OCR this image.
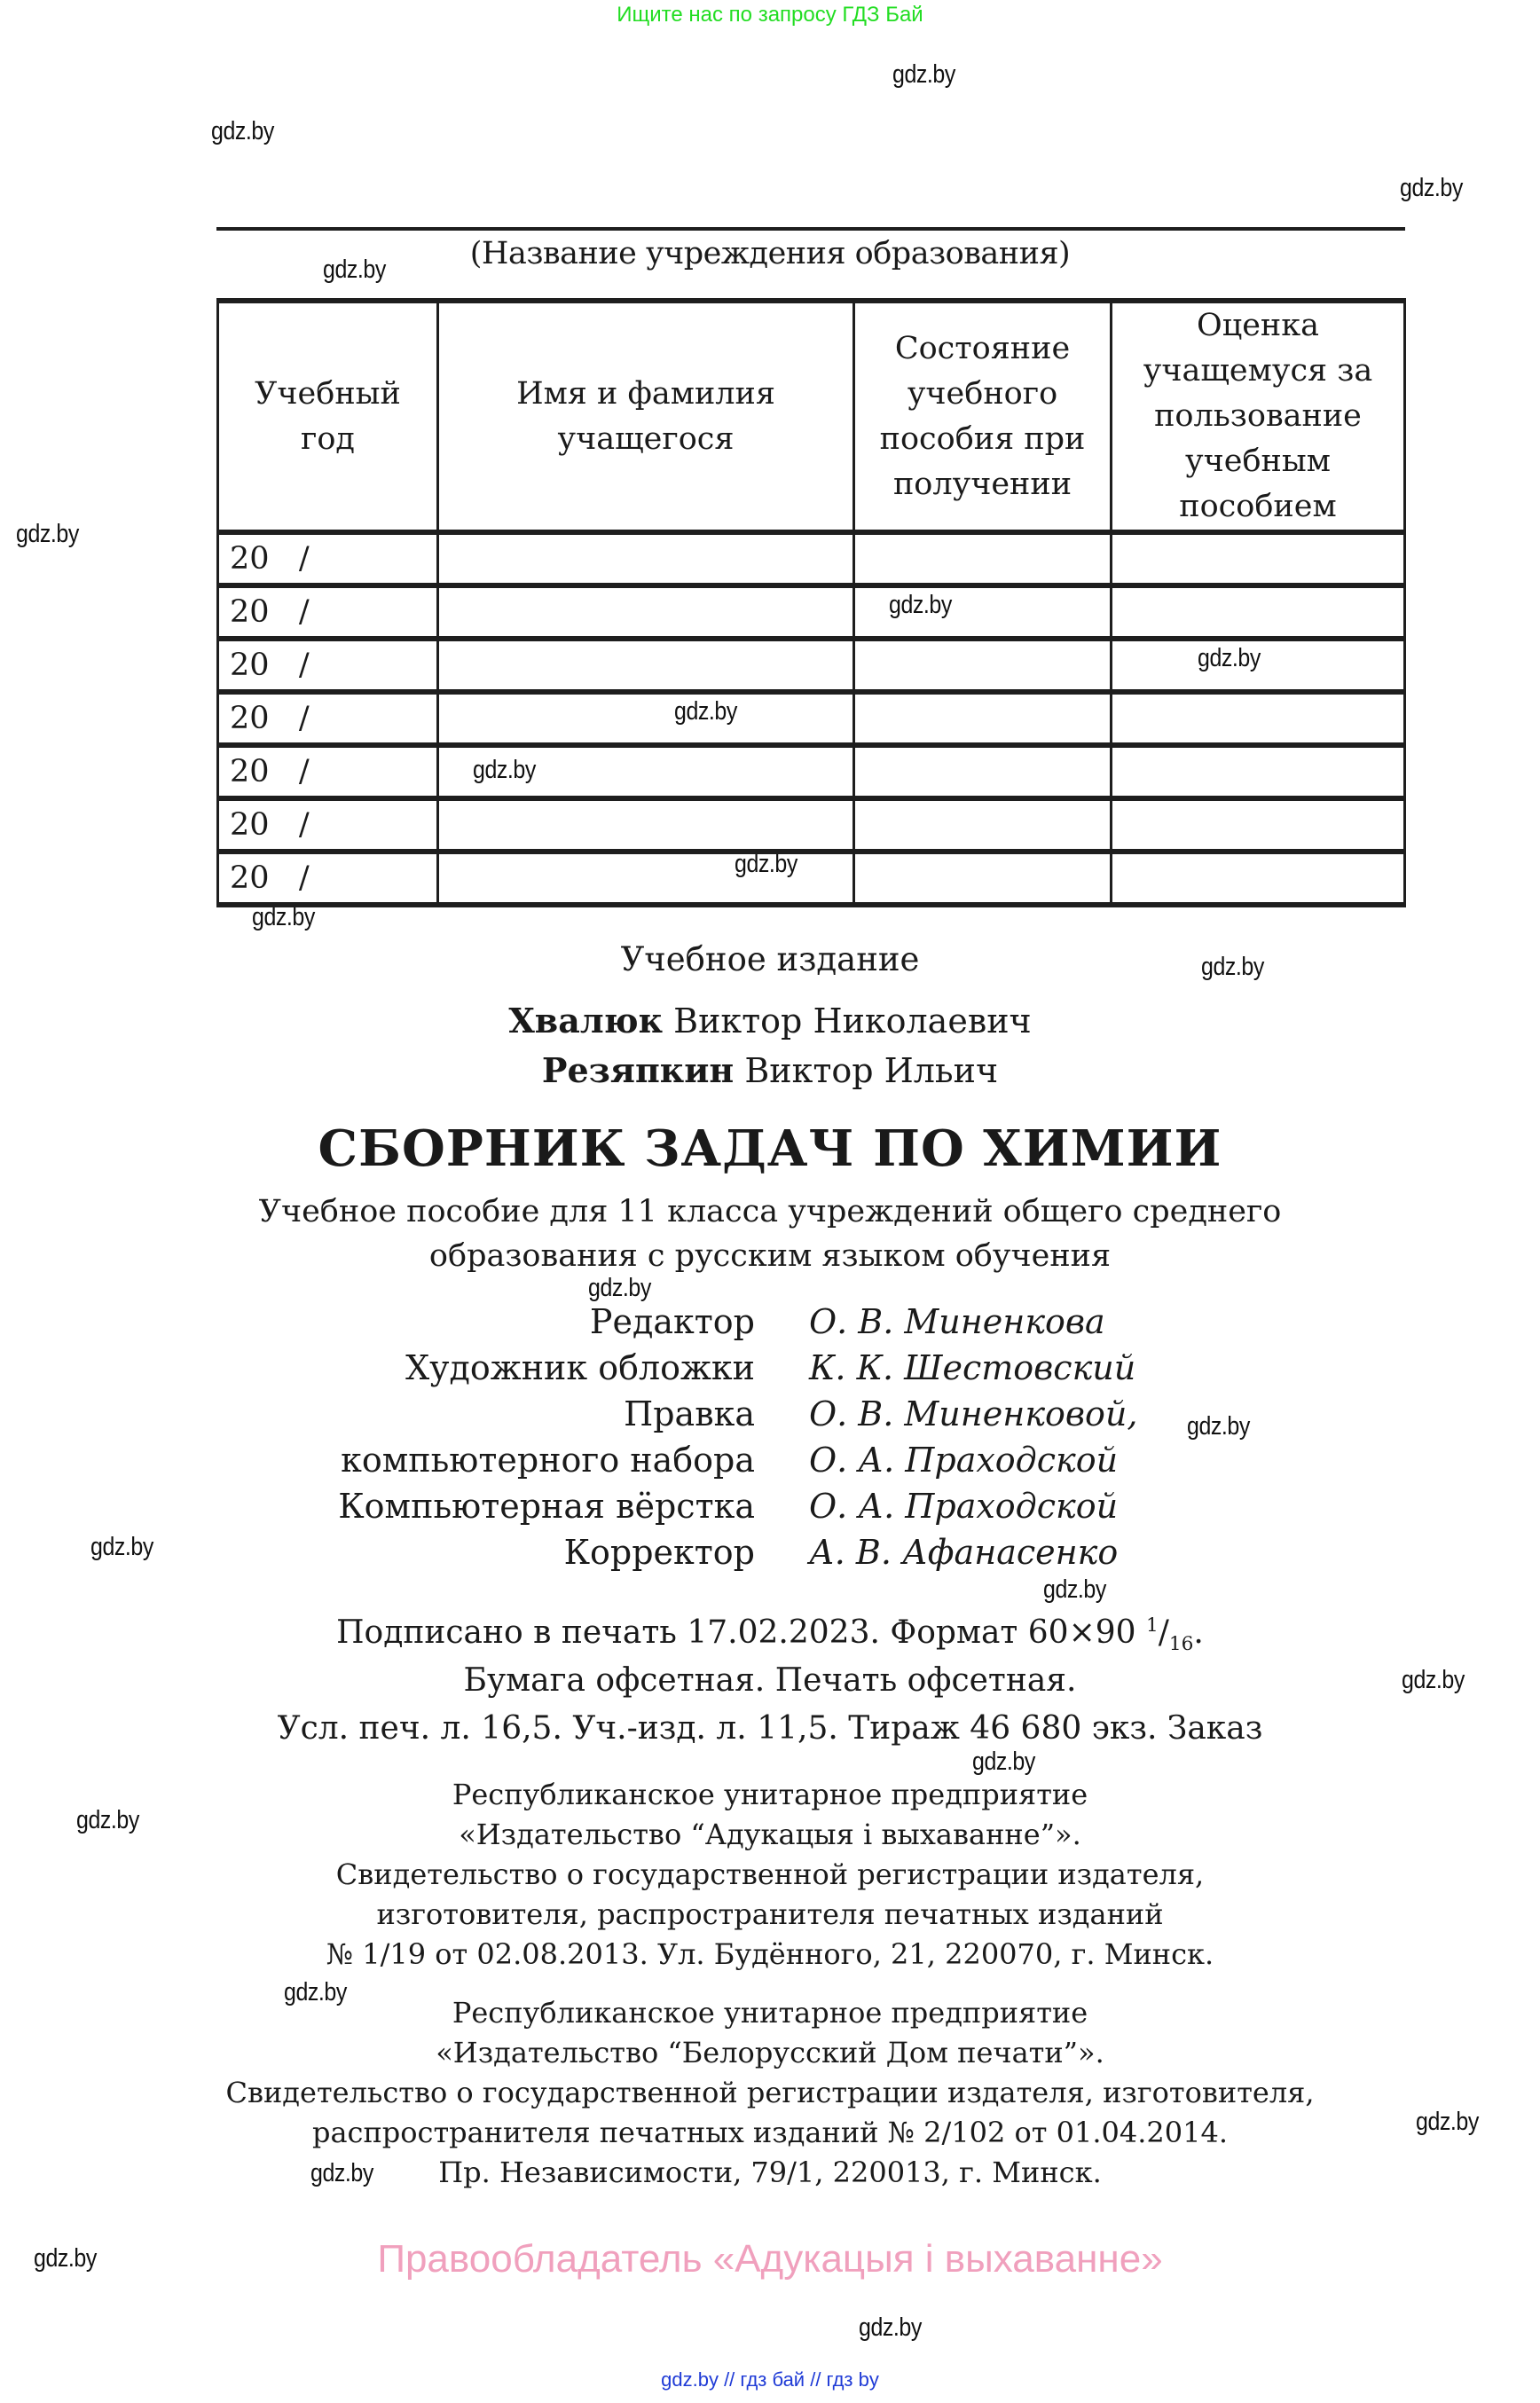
Ищите нас по запросу ГДЗ Бай
gdz.by
gdz.by
gdz.by
gdz.by
gdz.by
gdz.by
gdz.by
gdz.by
gdz.by
gdz.by
gdz.by
gdz.by
gdz.by
gdz.by
gdz.by
gdz.by
gdz.by
gdz.by
gdz.by
gdz.by
gdz.by
gdz.by
gdz.by
gdz.by
(Название учреждения образования)
Учебный год	Имя и фамилия учащегося	Состояние учебного пособия при получении	Оценка учащемуся за пользование учебным пособием
20   /			
20   /			
20   /			
20   /			
20   /			
20   /			
20   /			
Учебное издание
Хвалюк Виктор Николаевич
Резяпкин Виктор Ильич
СБОРНИК ЗАДАЧ ПО ХИМИИ
Учебное пособие для 11 класса учреждений общего среднего
образования с русским языком обучения
Редактор О. В. Миненкова
Художник обложки К. К. Шестовский
Правка О. В. Миненковой,
компьютерного набора О. А. Праходской
Компьютерная вёрстка О. А. Праходской
Корректор А. В. Афанасенко
Подписано в печать 17.02.2023. Формат 60×90 $^1/_{16}$.
Бумага офсетная. Печать офсетная.
Усл. печ. л. 16,5. Уч.-изд. л. 11,5. Тираж 46 680 экз. Заказ
Республиканское унитарное предприятие
«Издательство “Адукацыя і выхаванне”».
Свидетельство о государственной регистрации издателя,
изготовителя, распространителя печатных изданий
№ 1/19 от 02.08.2013. Ул. Будённого, 21, 220070, г. Минск.
Республиканское унитарное предприятие
«Издательство “Белорусский Дом печати”».
Свидетельство о государственной регистрации издателя, изготовителя,
распространителя печатных изданий № 2/102 от 01.04.2014.
Пр. Независимости, 79/1, 220013, г. Минск.
Правообладатель «Адукацыя і выхаванне»
gdz.by // гдз бай // гдз by
